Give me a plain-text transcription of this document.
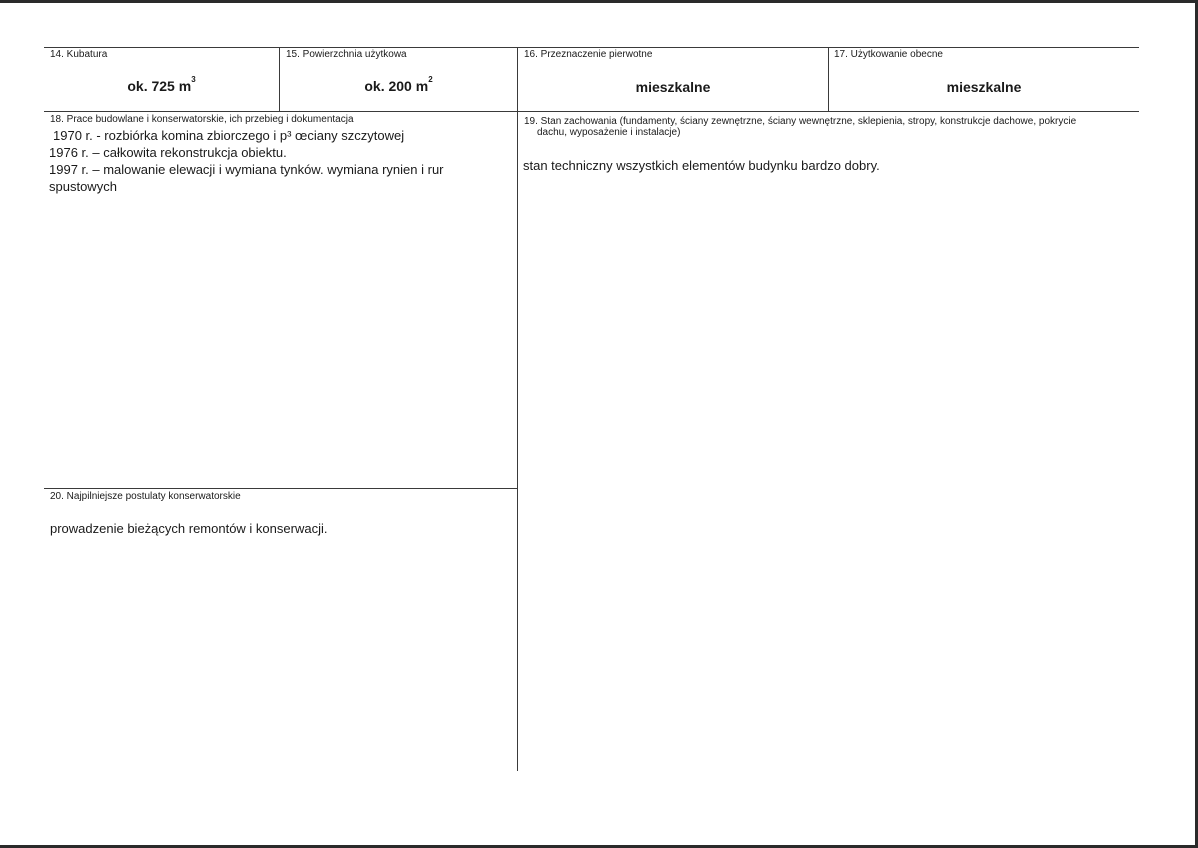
14. Kubatura
ok. 725 $m^3$
15. Powierzchnia użytkowa
ok. 200 $m^2$
16. Przeznaczenie pierwotne
mieszkalne
17. Użytkowanie obecne
mieszkalne
18. Prace budowlane i konserwatorskie, ich przebieg i dokumentacja
1970 r. - rozbiórka komina zbiorczego i p³ œciany szczytowej
1976 r. – całkowita rekonstrukcja obiektu.
1997 r. – malowanie elewacji i wymiana tynków. wymiana rynien i rur
spustowych
19. Stan zachowania (fundamenty, ściany zewnętrzne, ściany wewnętrzne, sklepienia, stropy, konstrukcje dachowe, pokrycie
dachu, wyposażenie i instalacje)
stan techniczny wszystkich elementów budynku bardzo dobry.
20. Najpilniejsze postulaty konserwatorskie
prowadzenie bieżących remontów i konserwacji.
